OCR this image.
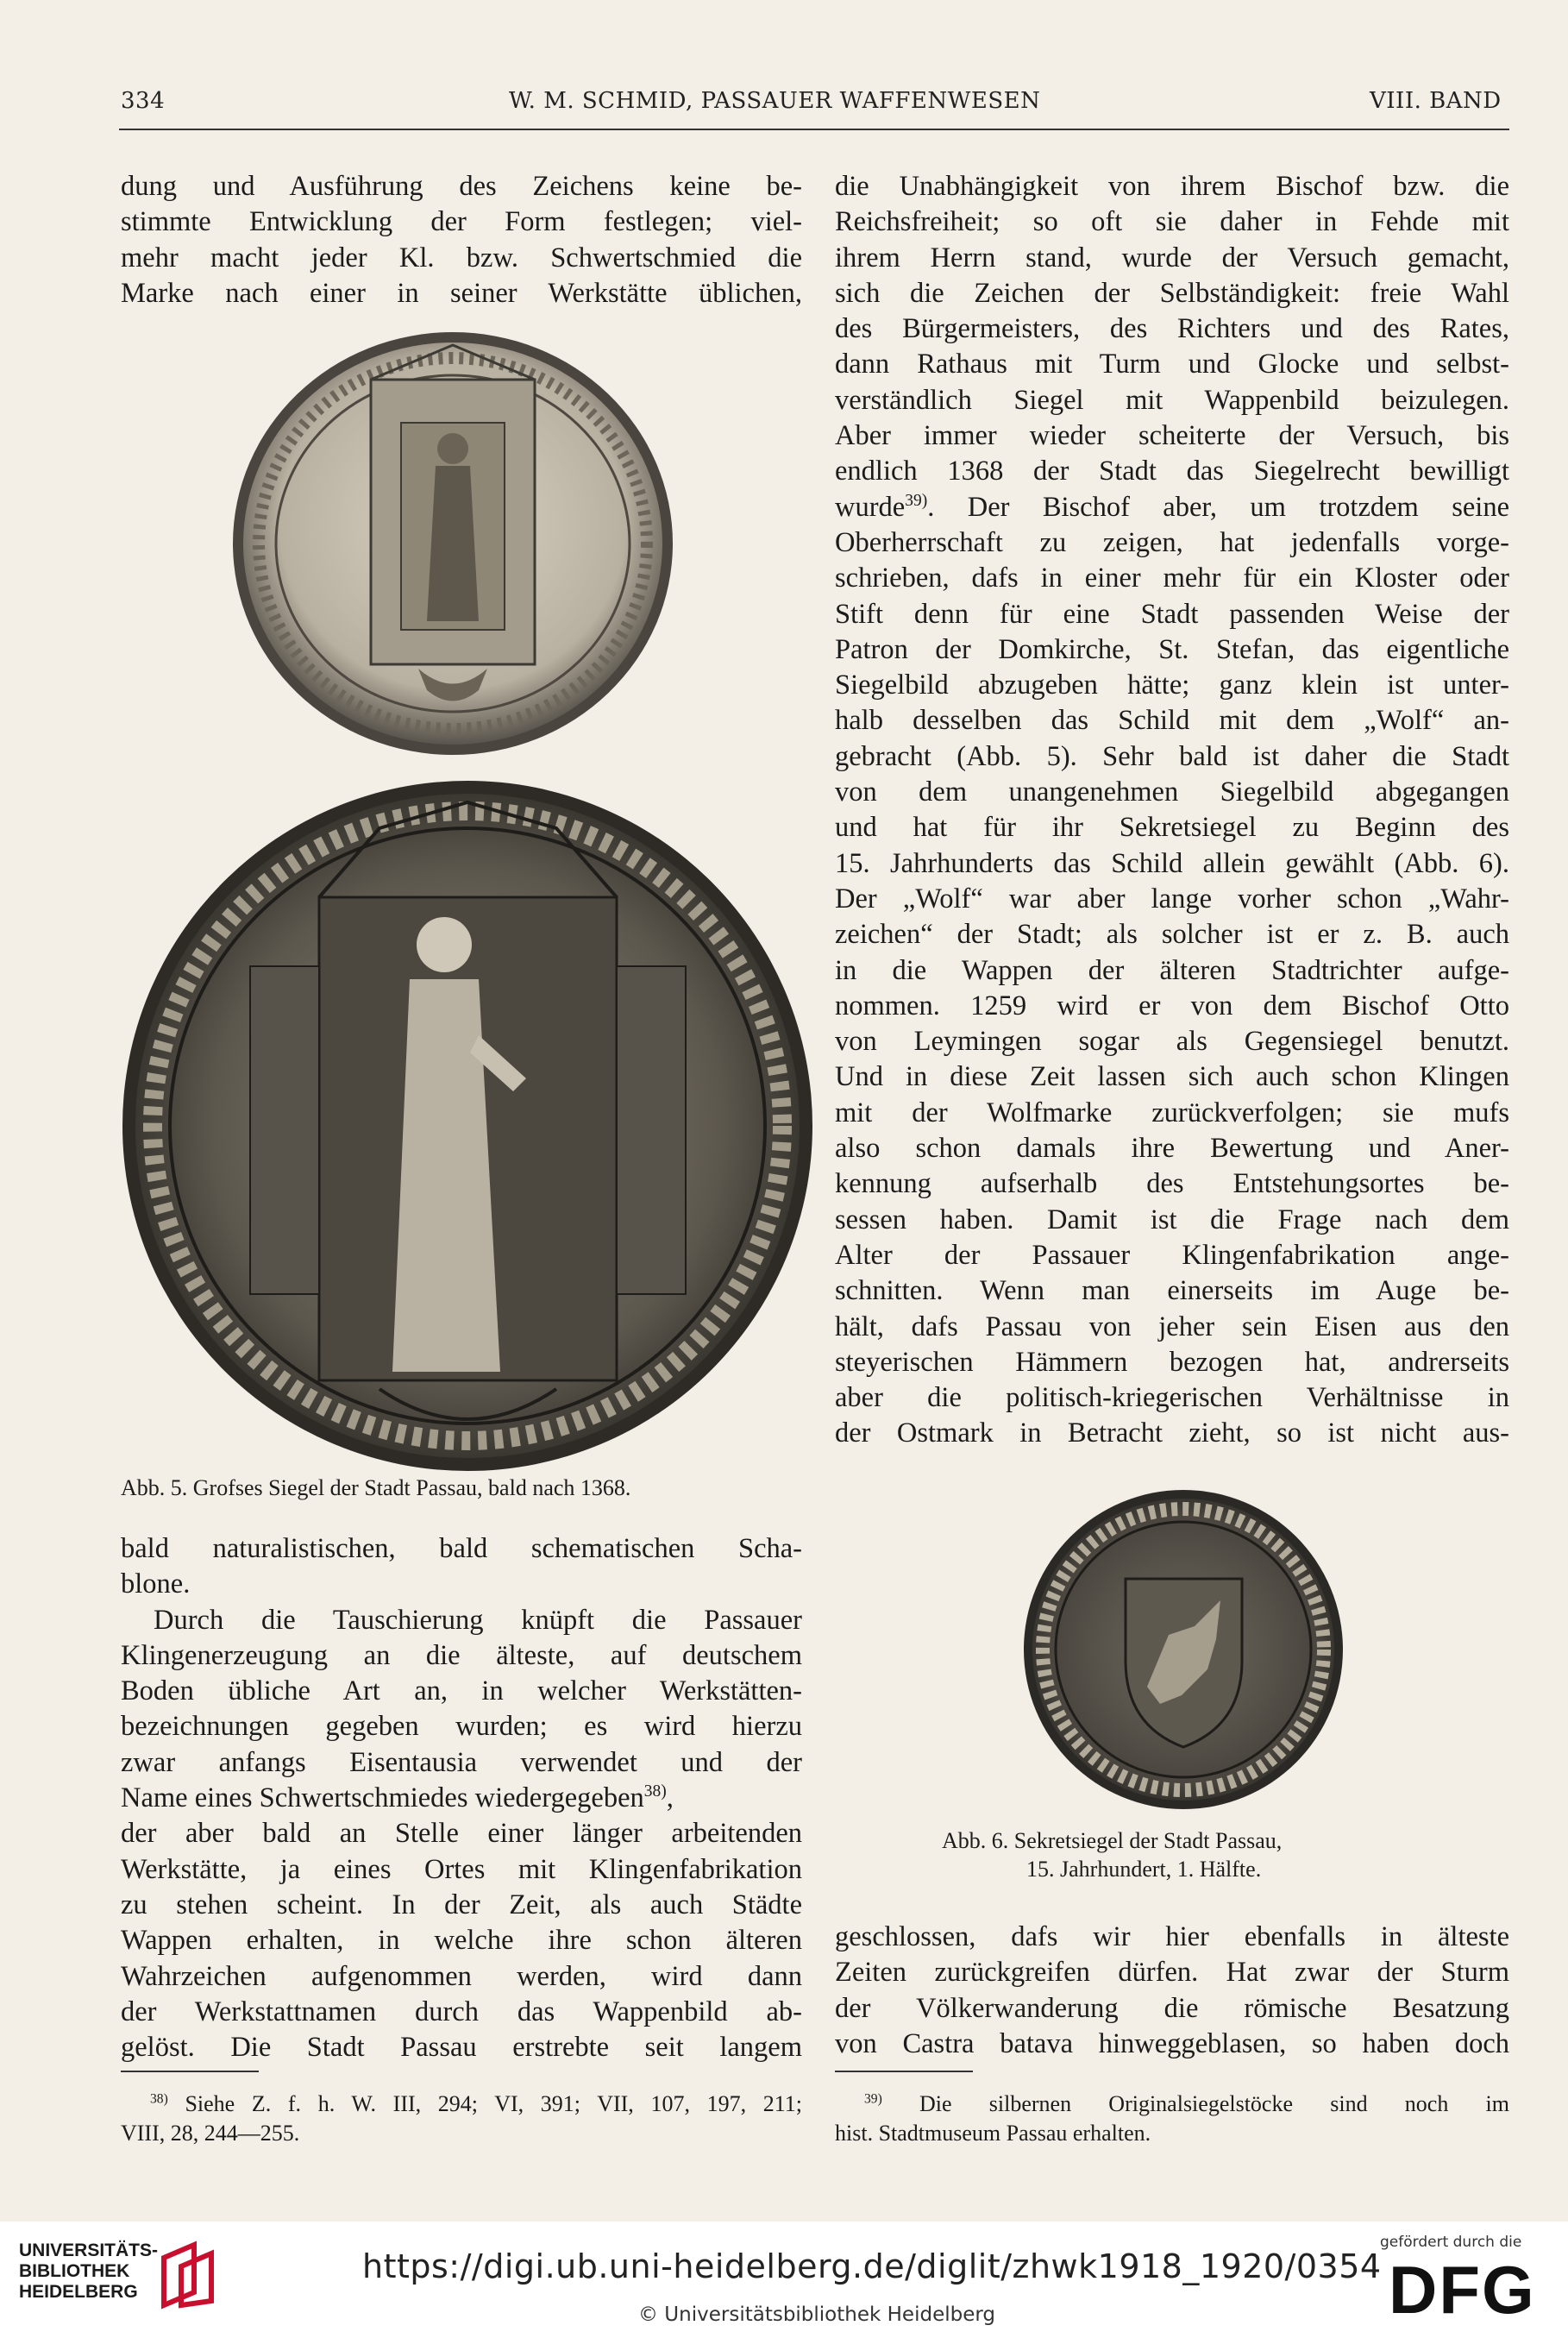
334	W. M. SCHMID, PASSAUER WAFFENWESEN	VIII. BAND
dung und Ausführung des Zeichens keine be-
stimmte Entwicklung der Form festlegen; viel-
mehr macht jeder Kl. bzw. Schwertschmied die
Marke nach einer in seiner Werkstätte üblichen,
Abb. 5. Grofses Siegel der Stadt Passau, bald nach 1368.
bald naturalistischen, bald schematischen Scha-
blone.
Durch die Tauschierung knüpft die Passauer
Klingenerzeugung an die älteste, auf deutschem
Boden übliche Art an, in welcher Werkstätten-
bezeichnungen gegeben wurden; es wird hierzu
zwar anfangs Eisentausia verwendet und der
Name eines Schwertschmiedes wiedergegeben$^{38)}$,
der aber bald an Stelle einer länger arbeitenden
Werkstätte, ja eines Ortes mit Klingenfabrikation
zu stehen scheint. In der Zeit, als auch Städte
Wappen erhalten, in welche ihre schon älteren
Wahrzeichen aufgenommen werden, wird dann
der Werkstattnamen durch das Wappenbild ab-
gelöst. Die Stadt Passau erstrebte seit langem
die Unabhängigkeit von ihrem Bischof bzw. die
Reichsfreiheit; so oft sie daher in Fehde mit
ihrem Herrn stand, wurde der Versuch gemacht,
sich die Zeichen der Selbständigkeit: freie Wahl
des Bürgermeisters, des Richters und des Rates,
dann Rathaus mit Turm und Glocke und selbst-
verständlich Siegel mit Wappenbild beizulegen.
Aber immer wieder scheiterte der Versuch, bis
endlich 1368 der Stadt das Siegelrecht bewilligt
wurde$^{39)}$. Der Bischof aber, um trotzdem seine
Oberherrschaft zu zeigen, hat jedenfalls vorge-
schrieben, dafs in einer mehr für ein Kloster oder
Stift denn für eine Stadt passenden Weise der
Patron der Domkirche, St. Stefan, das eigentliche
Siegelbild abzugeben hätte; ganz klein ist unter-
halb desselben das Schild mit dem „Wolf“ an-
gebracht (Abb. 5). Sehr bald ist daher die Stadt
von dem unangenehmen Siegelbild abgegangen
und hat für ihr Sekretsiegel zu Beginn des
15. Jahrhunderts das Schild allein gewählt (Abb. 6).
Der „Wolf“ war aber lange vorher schon „Wahr-
zeichen“ der Stadt; als solcher ist er z. B. auch
in die Wappen der älteren Stadtrichter aufge-
nommen. 1259 wird er von dem Bischof Otto
von Leymingen sogar als Gegensiegel benutzt.
Und in diese Zeit lassen sich auch schon Klingen
mit der Wolfmarke zurückverfolgen; sie mufs
also schon damals ihre Bewertung und Aner-
kennung aufserhalb des Entstehungsortes be-
sessen haben. Damit ist die Frage nach dem
Alter der Passauer Klingenfabrikation ange-
schnitten. Wenn man einerseits im Auge be-
hält, dafs Passau von jeher sein Eisen aus den
steyerischen Hämmern bezogen hat, andrerseits
aber die politisch-kriegerischen Verhältnisse in
der Ostmark in Betracht zieht, so ist nicht aus-
Abb. 6. Sekretsiegel der Stadt Passau,
15. Jahrhundert, 1. Hälfte.
geschlossen, dafs wir hier ebenfalls in älteste
Zeiten zurückgreifen dürfen. Hat zwar der Sturm
der Völkerwanderung die römische Besatzung
von Castra batava hinweggeblasen, so haben doch
$^{38)}$ Siehe Z. f. h. W. III, 294; VI, 391; VII, 107, 197, 211;
VIII, 28, 244—255.
$^{39)}$ Die silbernen Originalsiegelstöcke sind noch im
hist. Stadtmuseum Passau erhalten.
UNIVERSITÄTS-
BIBLIOTHEK
HEIDELBERG
https://digi.ub.uni-heidelberg.de/diglit/zhwk1918_1920/0354
© Universitätsbibliothek Heidelberg
gefördert durch die
DFG
